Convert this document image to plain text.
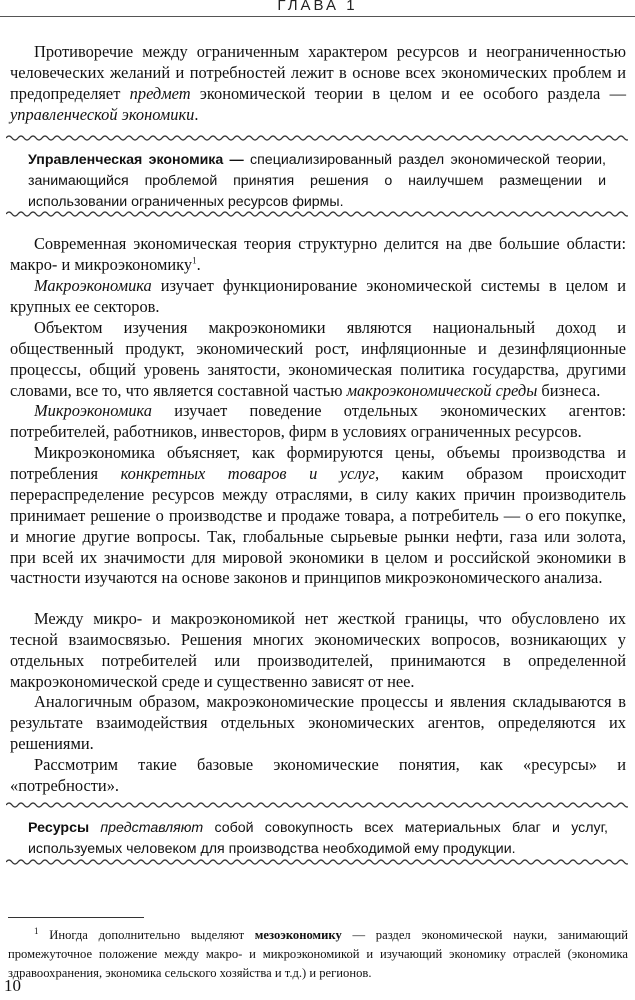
ГЛАВА 1

Противоречие между ограниченным характером ресурсов и неограниченностью человеческих желаний и потребностей лежит в основе всех экономических проблем и предопределяет предмет экономической теории в целом и ее особого раздела — управленческой экономики.

Управленческая экономика — специализированный раздел экономической теории, занимающийся проблемой принятия решения о наилучшем размещении и использовании ограниченных ресурсов фирмы.

Современная экономическая теория структурно делится на две большие области: макро- и микроэкономику$^1$.

Макроэкономика изучает функционирование экономической системы в целом и крупных ее секторов.

Объектом изучения макроэкономики являются национальный доход и общественный продукт, экономический рост, инфляционные и дезинфляционные процессы, общий уровень занятости, экономическая политика государства, другими словами, все то, что является составной частью макроэкономической среды бизнеса.

Микроэкономика изучает поведение отдельных экономических агентов: потребителей, работников, инвесторов, фирм в условиях ограниченных ресурсов.

Микроэкономика объясняет, как формируются цены, объемы производства и потребления конкретных товаров и услуг, каким образом происходит перераспределение ресурсов между отраслями, в силу каких причин производитель принимает решение о производстве и продаже товара, а потребитель — о его покупке, и многие другие вопросы. Так, глобальные сырьевые рынки нефти, газа или золота, при всей их значимости для мировой экономики в целом и российской экономики в частности изучаются на основе законов и принципов микроэкономического анализа.

Между микро- и макроэкономикой нет жесткой границы, что обусловлено их тесной взаимосвязью. Решения многих экономических вопросов, возникающих у отдельных потребителей или производителей, принимаются в определенной макроэкономической среде и существенно зависят от нее.

Аналогичным образом, макроэкономические процессы и явления складываются в результате взаимодействия отдельных экономических агентов, определяются их решениями.

Рассмотрим такие базовые экономические понятия, как «ресурсы» и «потребности».

Ресурсы представляют собой совокупность всех материальных благ и услуг, используемых человеком для производства необходимой ему продукции.

$^1$ Иногда дополнительно выделяют мезоэкономику — раздел экономической науки, занимающий промежуточное положение между макро- и микроэкономикой и изучающий экономику отраслей (экономика здравоохранения, экономика сельского хозяйства и т.д.) и регионов.

10
